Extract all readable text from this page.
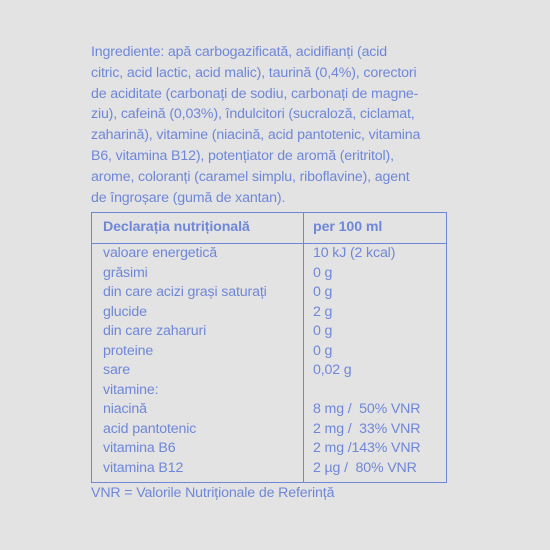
Ingrediente: apă carbogazificată, acidifianți (acid
citric, acid lactic, acid malic), taurină (0,4%), corectori
de aciditate (carbonați de sodiu, carbonați de magne-
ziu), cafeină (0,03%), îndulcitori (sucraloză, ciclamat,
zaharină), vitamine (niacină, acid pantotenic, vitamina
B6, vitamina B12), potențiator de aromă (eritritol),
arome, coloranți (caramel simplu, riboflavine), agent
de îngroșare (gumă de xantan).

Declarația nutrițională	per 100 ml
valoare energetică	10 kJ (2 kcal)
grăsimi	0 g
din care acizi grași saturați	0 g
glucide	2 g
din care zaharuri	0 g
proteine	0 g
sare	0,02 g
vitamine:
niacină	8 mg /  50% VNR
acid pantotenic	2 mg /  33% VNR
vitamina B6	2 mg /143% VNR
vitamina B12	2 µg /  80% VNR
VNR = Valorile Nutriționale de Referință
